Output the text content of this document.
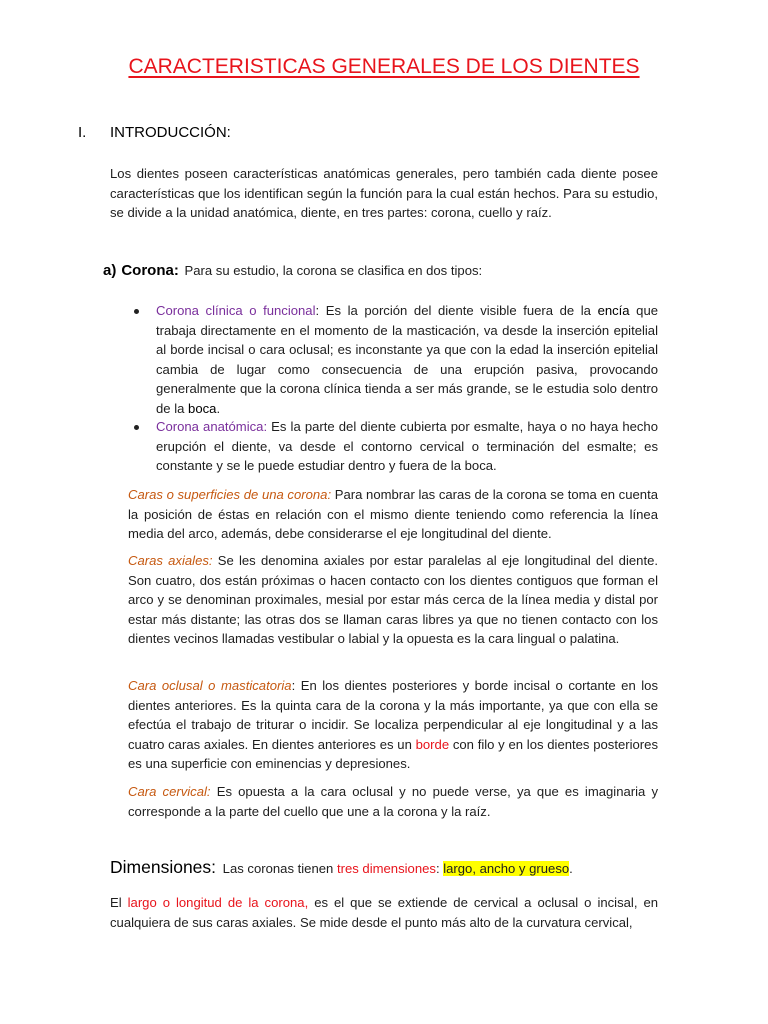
CARACTERISTICAS GENERALES DE LOS DIENTES
I. INTRODUCCIÓN:

Los dientes poseen características anatómicas generales, pero también cada diente posee características que los identifican según la función para la cual están hechos. Para su estudio, se divide a la unidad anatómica, diente, en tres partes: corona, cuello y raíz.

a) Corona: Para su estudio, la corona se clasifica en dos tipos:
Corona clínica o funcional: Es la porción del diente visible fuera de la encía que trabaja directamente en el momento de la masticación, va desde la inserción epitelial al borde incisal o cara oclusal; es inconstante ya que con la edad la inserción epitelial cambia de lugar como consecuencia de una erupción pasiva, provocando generalmente que la corona clínica tienda a ser más grande, se le estudia solo dentro de la boca.
Corona anatómica: Es la parte del diente cubierta por esmalte, haya o no haya hecho erupción el diente, va desde el contorno cervical o terminación del esmalte; es constante y se le puede estudiar dentro y fuera de la boca.

Caras o superficies de una corona: Para nombrar las caras de la corona se toma en cuenta la posición de éstas en relación con el mismo diente teniendo como referencia la línea media del arco, además, debe considerarse el eje longitudinal del diente.

Caras axiales: Se les denomina axiales por estar paralelas al eje longitudinal del diente. Son cuatro, dos están próximas o hacen contacto con los dientes contiguos que forman el arco y se denominan proximales, mesial por estar más cerca de la línea media y distal por estar más distante; las otras dos se llaman caras libres ya que no tienen contacto con los dientes vecinos llamadas vestibular o labial y la opuesta es la cara lingual o palatina.

Cara oclusal o masticatoria: En los dientes posteriores y borde incisal o cortante en los dientes anteriores. Es la quinta cara de la corona y la más importante, ya que con ella se efectúa el trabajo de triturar o incidir. Se localiza perpendicular al eje longitudinal y a las cuatro caras axiales. En dientes anteriores es un borde con filo y en los dientes posteriores es una superficie con eminencias y depresiones.

Cara cervical: Es opuesta a la cara oclusal y no puede verse, ya que es imaginaria y corresponde a la parte del cuello que une a la corona y la raíz.

Dimensiones: Las coronas tienen tres dimensiones: largo, ancho y grueso.

El largo o longitud de la corona, es el que se extiende de cervical a oclusal o incisal, en cualquiera de sus caras axiales. Se mide desde el punto más alto de la curvatura cervical,
